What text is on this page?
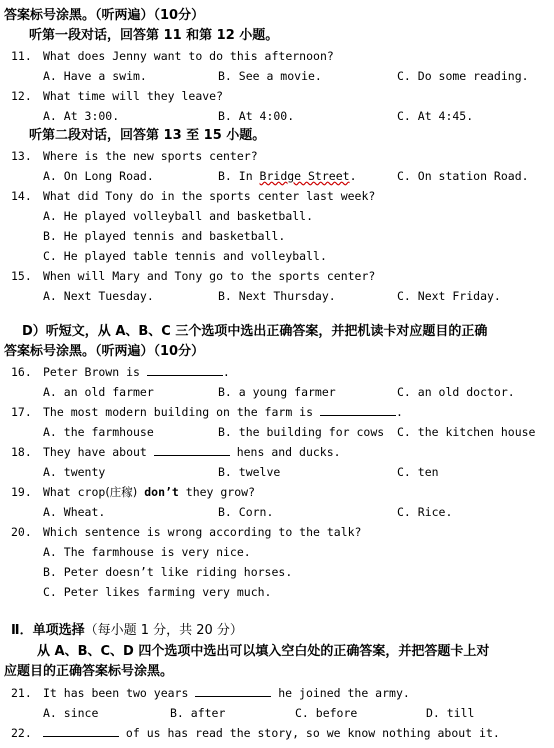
答案标号涂黑。（听两遍）（10分）
听第一段对话，回答第 11 和第 12 小题。
11. What does Jenny want to do this afternoon?
A. Have a swim.	B. See a movie.	C. Do some reading.
12. What time will they leave?
A. At 3:00.	B. At 4:00.	C. At 4:45.
听第二段对话，回答第 13 至 15 小题。
13. Where is the new sports center?
A. On Long Road.	B. In Bridge Street.	C. On station Road.
14. What did Tony do in the sports center last week?
A. He played volleyball and basketball.
B. He played tennis and basketball.
C. He played table tennis and volleyball.
15. When will Mary and Tony go to the sports center?
A. Next Tuesday.	B. Next Thursday.	C. Next Friday.
D）听短文，从 A、B、C 三个选项中选出正确答案，并把机读卡对应题目的正确
答案标号涂黑。（听两遍）（10分）
16. Peter Brown is	.
A. an old farmer	B. a young farmer	C. an old doctor.
17. The most modern building on the farm is	.
A. the farmhouse	B. the building for cows C. the kitchen house
18. They have about	hens and ducks.
A. twenty	B. twelve	C. ten
19. What crop(庄稼) don’t they grow?
A. Wheat.	B. Corn.	C. Rice.
20. Which sentence is wrong according to the talk?
A. The farmhouse is very nice.
B. Peter doesn’t like riding horses.
C. Peter likes farming very much.
Ⅱ．单项选择（每小题 1 分，共 20 分）
从 A、B、C、D 四个选项中选出可以填入空白处的正确答案，并把答题卡上对
应题目的正确答案标号涂黑。
21. It has been two years	he joined the army.
A. since	B. after	C. before	D. till
22.	of us has read the story, so we know nothing about it.
